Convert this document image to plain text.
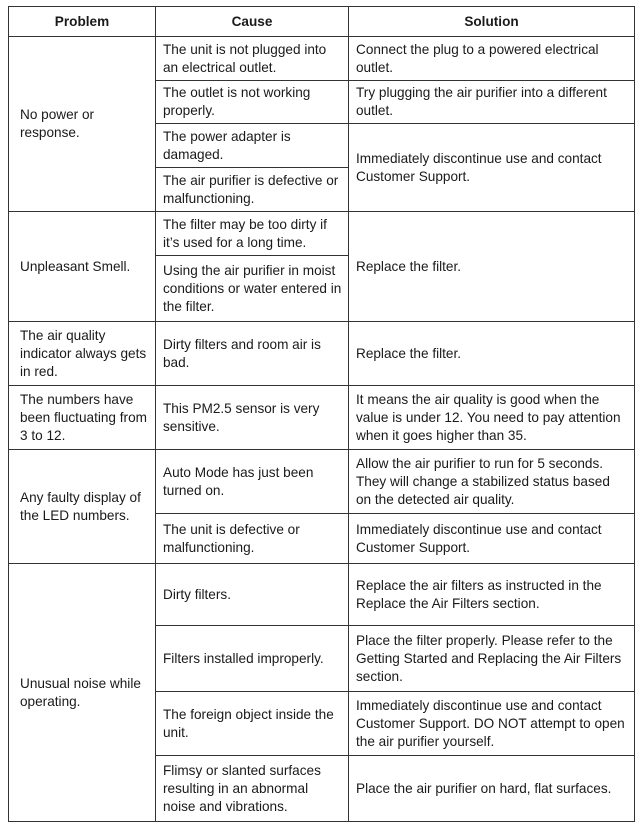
Problem	Cause	Solution
No power or response.	The unit is not plugged into an electrical outlet.	Connect the plug to a powered electrical outlet.
	The outlet is not working properly.	Try plugging the air purifier into a different outlet.
	The power adapter is damaged.	Immediately discontinue use and contact Customer Support.
	The air purifier is defective or malfunctioning.	
Unpleasant Smell.	The filter may be too dirty if it’s used for a long time.	Replace the filter.
	Using the air purifier in moist conditions or water entered in the filter.	
The air quality indicator always gets in red.	Dirty filters and room air is bad.	Replace the filter.
The numbers have been fluctuating from 3 to 12.	This PM2.5 sensor is very sensitive.	It means the air quality is good when the value is under 12. You need to pay attention when it goes higher than 35.
Any faulty display of the LED numbers.	Auto Mode has just been turned on.	Allow the air purifier to run for 5 seconds. They will change a stabilized status based on the detected air quality.
	The unit is defective or malfunctioning.	Immediately discontinue use and contact Customer Support.
Unusual noise while operating.	Dirty filters.	Replace the air filters as instructed in the Replace the Air Filters section.
	Filters installed improperly.	Place the filter properly. Please refer to the Getting Started and Replacing the Air Filters section.
	The foreign object inside the unit.	Immediately discontinue use and contact Customer Support. DO NOT attempt to open the air purifier yourself.
	Flimsy or slanted surfaces resulting in an abnormal noise and vibrations.	Place the air purifier on hard, flat surfaces.
